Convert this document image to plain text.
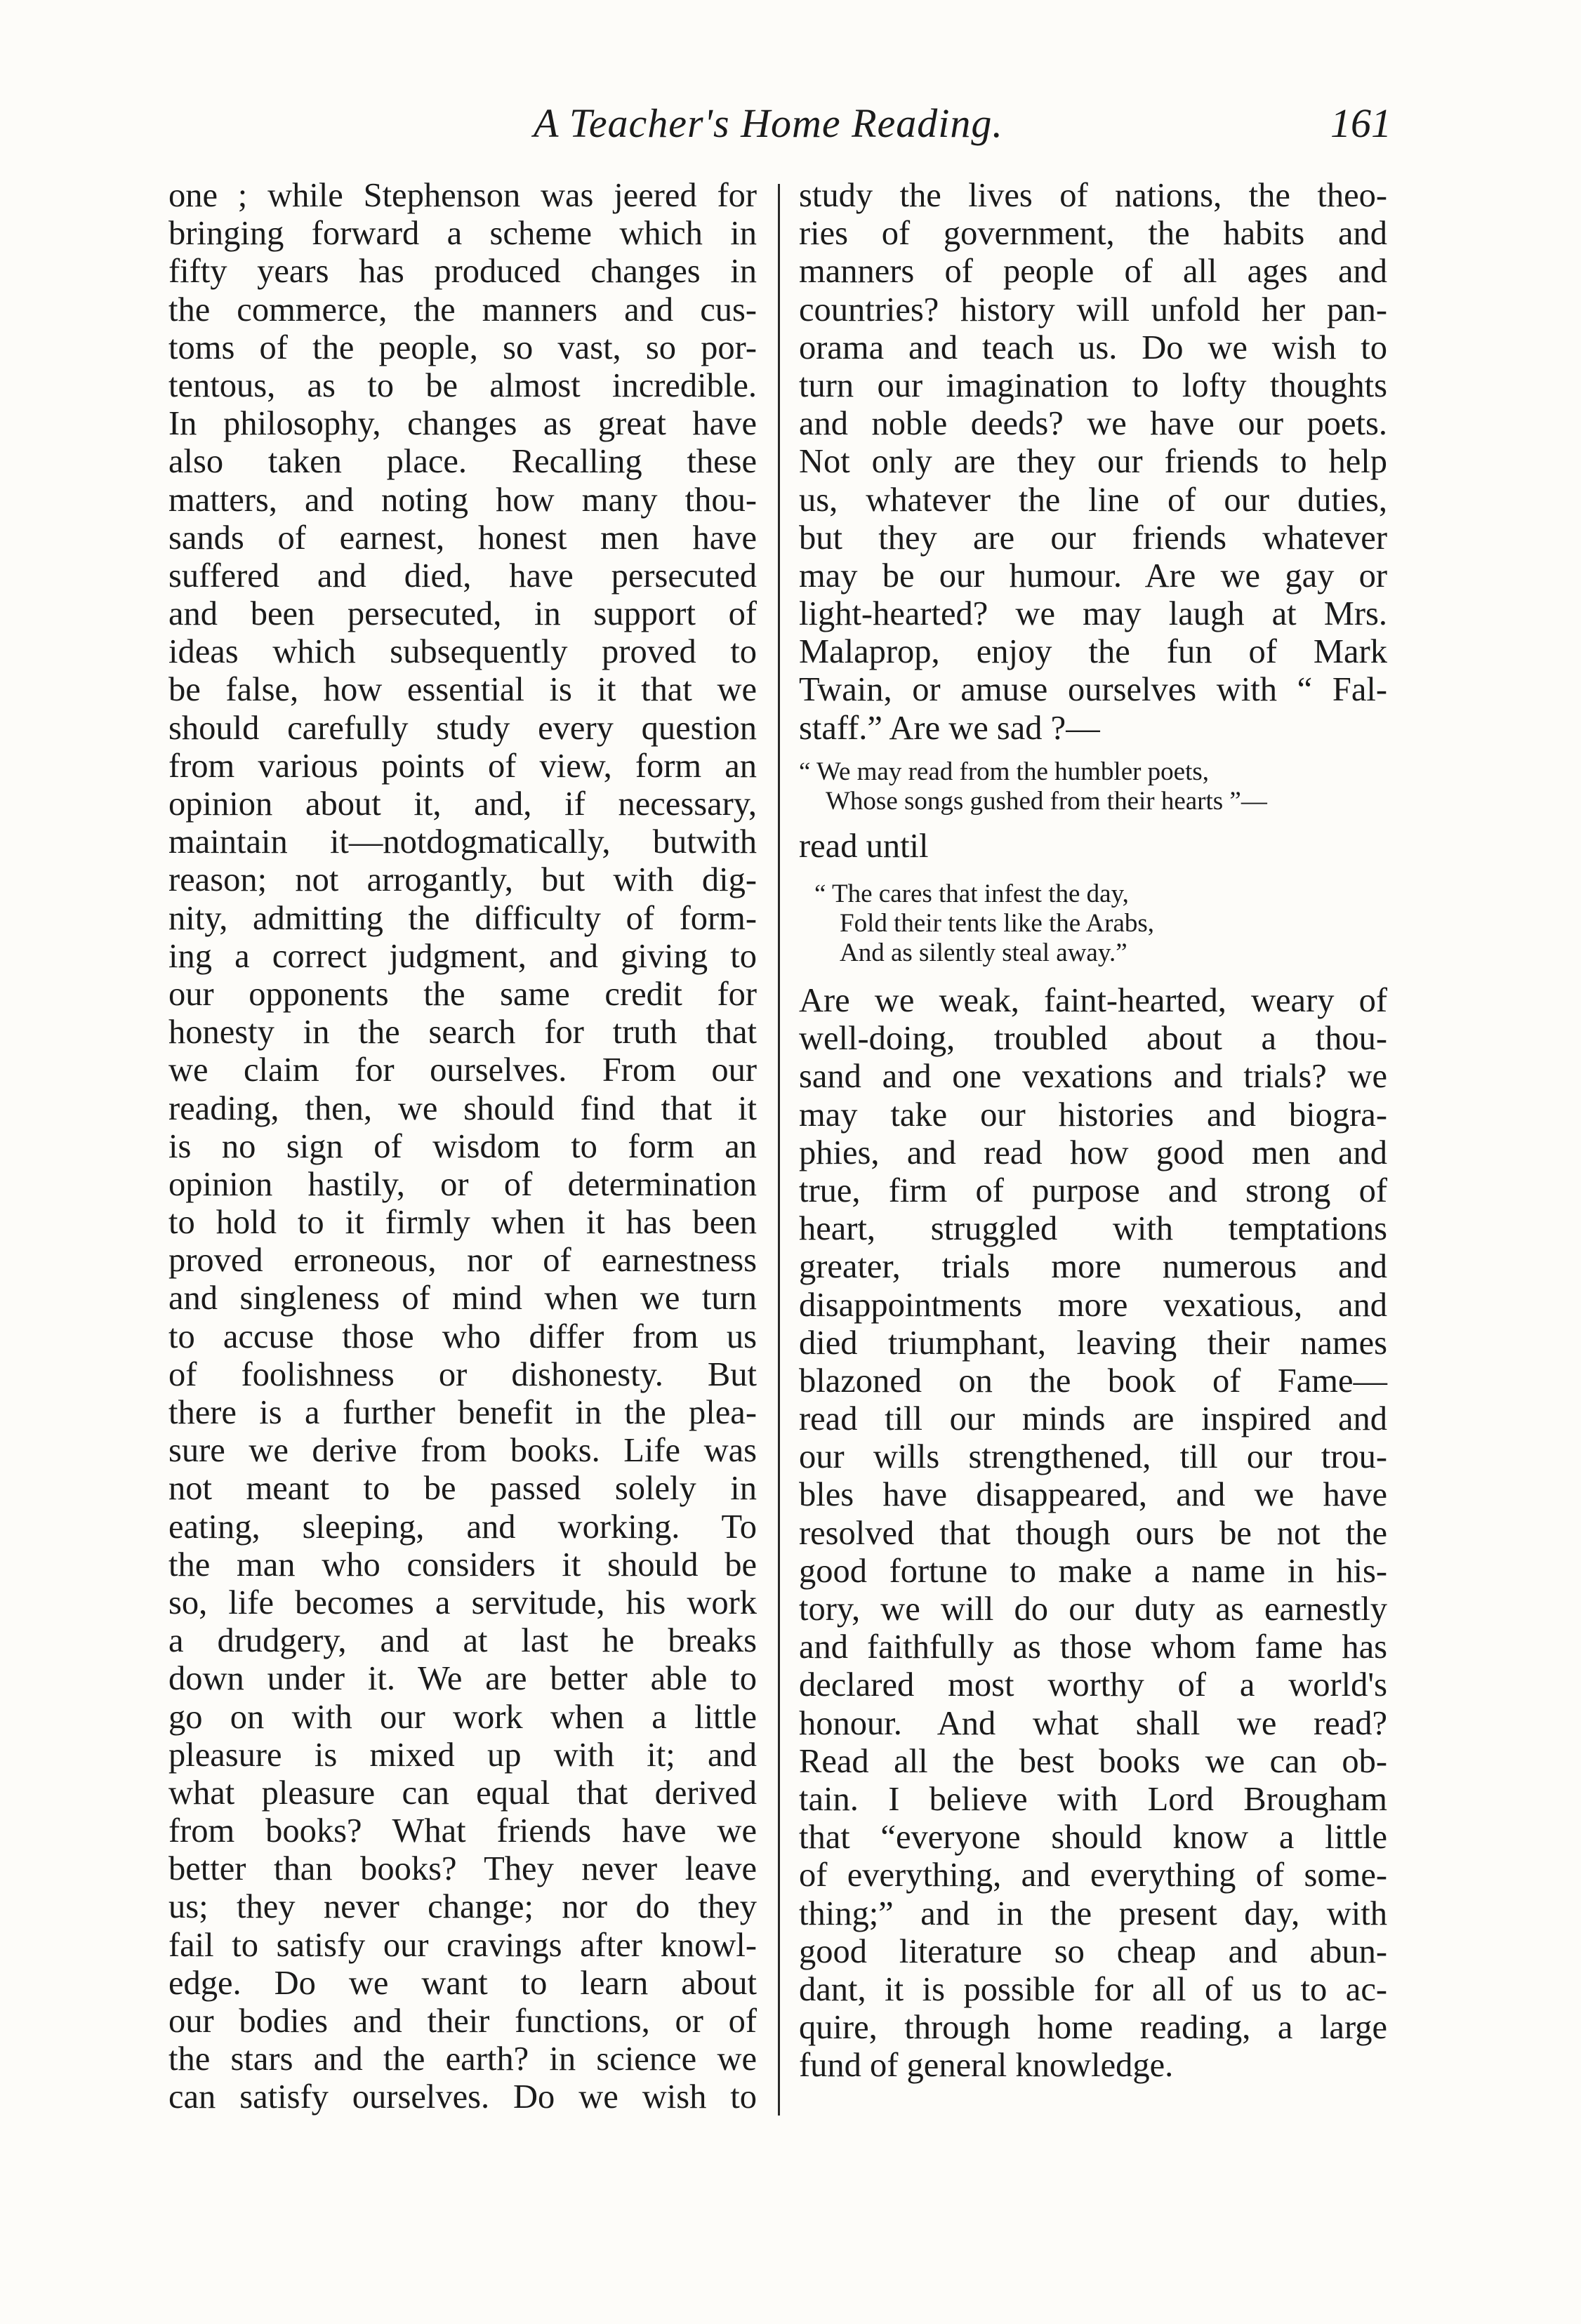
A Teacher's Home Reading.	161
one ; while Stephenson was jeered for
bringing forward a scheme which in
fifty years has produced changes in
the commerce, the manners and cus-
toms of the people, so vast, so por-
tentous, as to be almost incredible.
In philosophy, changes as great have
also taken place. Recalling these
matters, and noting how many thou-
sands of earnest, honest men have
suffered and died, have persecuted
and been persecuted, in support of
ideas which subsequently proved to
be false, how essential is it that we
should carefully study every question
from various points of view, form an
opinion about it, and, if necessary,
maintain it—notdogmatically, butwith
reason; not arrogantly, but with dig-
nity, admitting the difficulty of form-
ing a correct judgment, and giving to
our opponents the same credit for
honesty in the search for truth that
we claim for ourselves. From our
reading, then, we should find that it
is no sign of wisdom to form an
opinion hastily, or of determination
to hold to it firmly when it has been
proved erroneous, nor of earnestness
and singleness of mind when we turn
to accuse those who differ from us
of foolishness or dishonesty. But
there is a further benefit in the plea-
sure we derive from books. Life was
not meant to be passed solely in
eating, sleeping, and working. To
the man who considers it should be
so, life becomes a servitude, his work
a drudgery, and at last he breaks
down under it. We are better able to
go on with our work when a little
pleasure is mixed up with it; and
what pleasure can equal that derived
from books? What friends have we
better than books? They never leave
us; they never change; nor do they
fail to satisfy our cravings after knowl-
edge. Do we want to learn about
our bodies and their functions, or of
the stars and the earth? in science we
can satisfy ourselves. Do we wish to
study the lives of nations, the theo-
ries of government, the habits and
manners of people of all ages and
countries? history will unfold her pan-
orama and teach us. Do we wish to
turn our imagination to lofty thoughts
and noble deeds? we have our poets.
Not only are they our friends to help
us, whatever the line of our duties,
but they are our friends whatever
may be our humour. Are we gay or
light-hearted? we may laugh at Mrs.
Malaprop, enjoy the fun of Mark
Twain, or amuse ourselves with “ Fal-
staff.” Are we sad ?—
“ We may read from the humbler poets,
Whose songs gushed from their hearts ”—
read until
“ The cares that infest the day,
Fold their tents like the Arabs,
And as silently steal away.”
Are we weak, faint-hearted, weary of
well-doing, troubled about a thou-
sand and one vexations and trials? we
may take our histories and biogra-
phies, and read how good men and
true, firm of purpose and strong of
heart, struggled with temptations
greater, trials more numerous and
disappointments more vexatious, and
died triumphant, leaving their names
blazoned on the book of Fame—
read till our minds are inspired and
our wills strengthened, till our trou-
bles have disappeared, and we have
resolved that though ours be not the
good fortune to make a name in his-
tory, we will do our duty as earnestly
and faithfully as those whom fame has
declared most worthy of a world's
honour. And what shall we read?
Read all the best books we can ob-
tain. I believe with Lord Brougham
that “everyone should know a little
of everything, and everything of some-
thing;” and in the present day, with
good literature so cheap and abun-
dant, it is possible for all of us to ac-
quire, through home reading, a large
fund of general knowledge.
